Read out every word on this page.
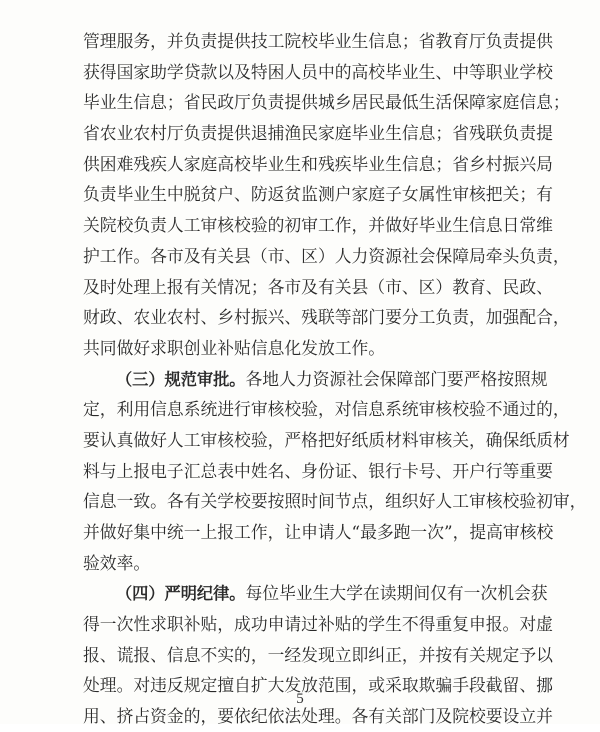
管理服务，并负责提供技工院校毕业生信息；省教育厅负责提供
获得国家助学贷款以及特困人员中的高校毕业生、中等职业学校
毕业生信息；省民政厅负责提供城乡居民最低生活保障家庭信息；
省农业农村厅负责提供退捕渔民家庭毕业生信息；省残联负责提
供困难残疾人家庭高校毕业生和残疾毕业生信息；省乡村振兴局
负责毕业生中脱贫户、防返贫监测户家庭子女属性审核把关；有
关院校负责人工审核校验的初审工作，并做好毕业生信息日常维
护工作。各市及有关县（市、区）人力资源社会保障局牵头负责，
及时处理上报有关情况；各市及有关县（市、区）教育、民政、
财政、农业农村、乡村振兴、残联等部门要分工负责，加强配合，
共同做好求职创业补贴信息化发放工作。
（三）规范审批。各地人力资源社会保障部门要严格按照规
定，利用信息系统进行审核校验，对信息系统审核校验不通过的，
要认真做好人工审核校验，严格把好纸质材料审核关，确保纸质材
料与上报电子汇总表中姓名、身份证、银行卡号、开户行等重要
信息一致。各有关学校要按照时间节点，组织好人工审核校验初审，
并做好集中统一上报工作，让申请人“最多跑一次”，提高审核校
验效率。
（四）严明纪律。每位毕业生大学在读期间仅有一次机会获
得一次性求职补贴，成功申请过补贴的学生不得重复申报。对虚
报、谎报、信息不实的，一经发现立即纠正，并按有关规定予以
处理。对违反规定擅自扩大发放范围，或采取欺骗手段截留、挪
用、挤占资金的，要依纪依法处理。各有关部门及院校要设立并
5
